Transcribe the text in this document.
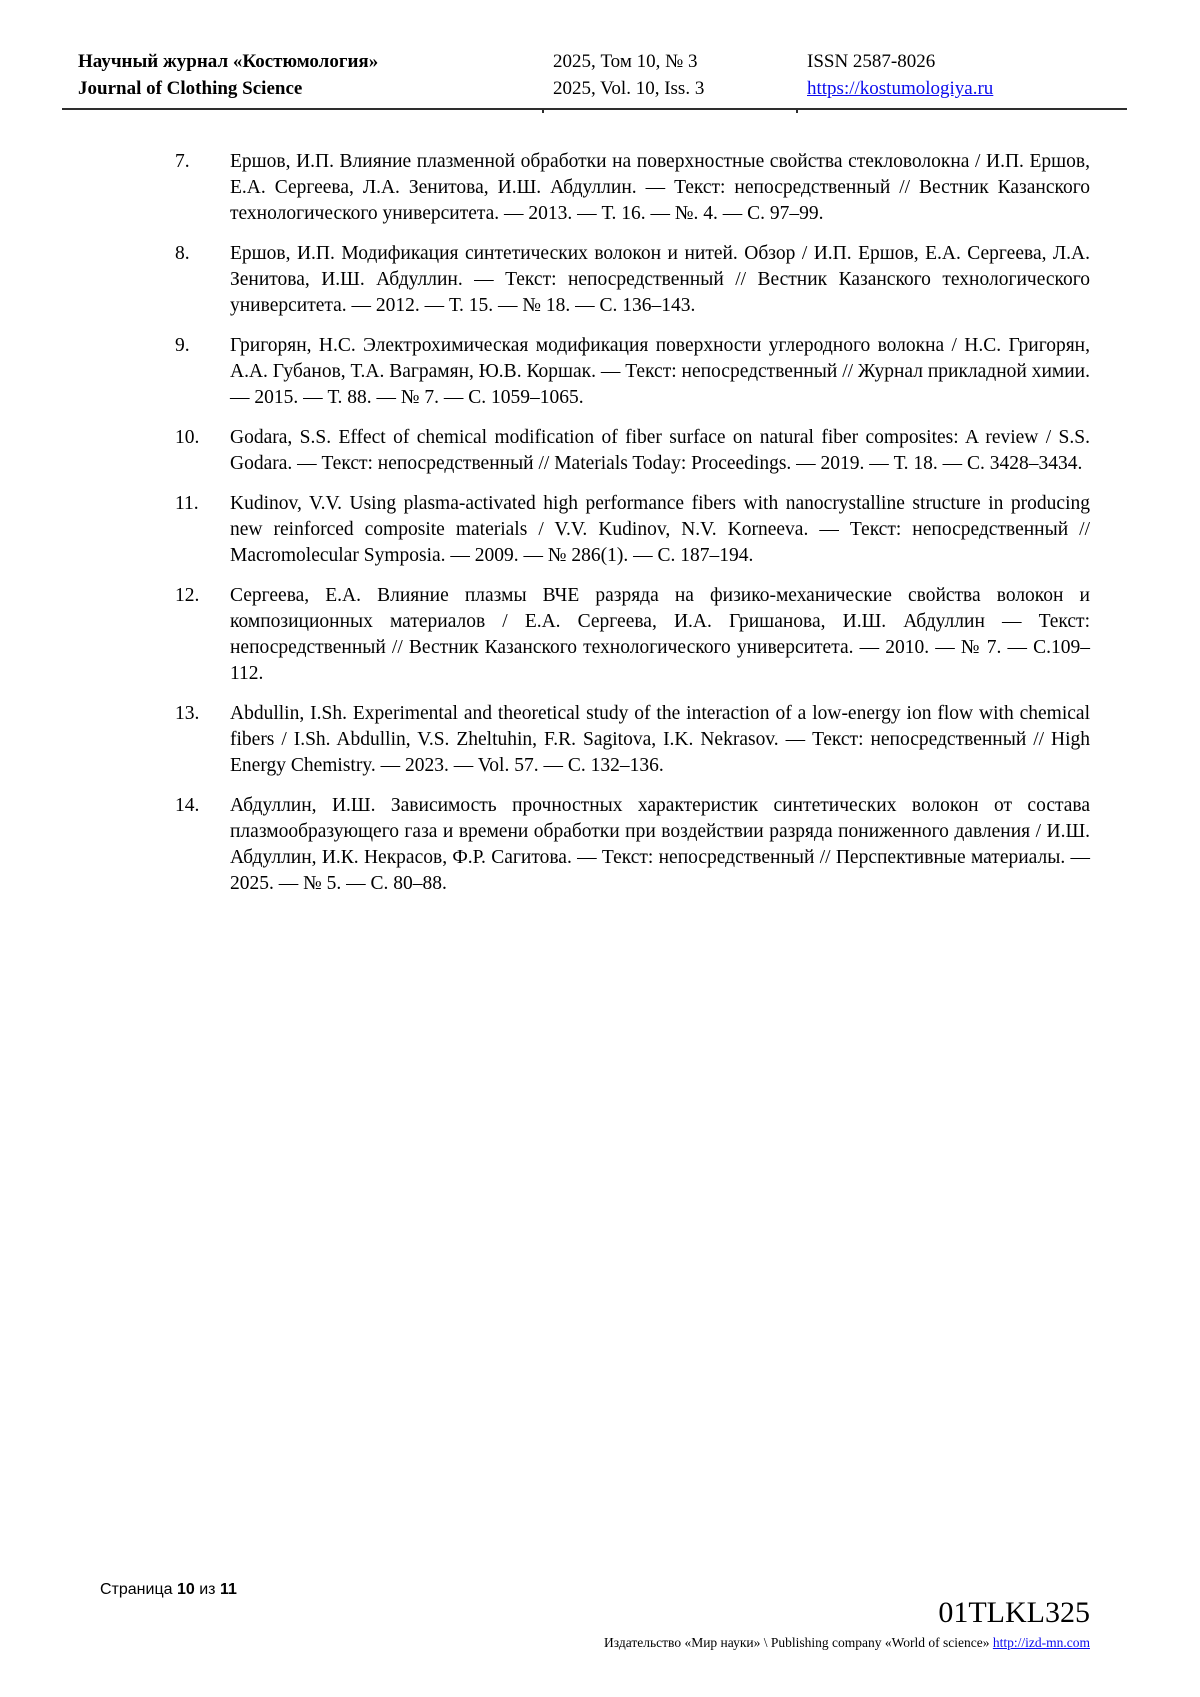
Научный журнал «Костюмология»
Journal of Clothing Science
2025, Том 10, № 3
2025, Vol. 10, Iss. 3
ISSN 2587-8026
https://kostumologiya.ru
7. Ершов, И.П. Влияние плазменной обработки на поверхностные свойства стекловолокна / И.П. Ершов, Е.А. Сергеева, Л.А. Зенитова, И.Ш. Абдуллин. — Текст: непосредственный // Вестник Казанского технологического университета. — 2013. — Т. 16. — №. 4. — С. 97–99.
8. Ершов, И.П. Модификация синтетических волокон и нитей. Обзор / И.П. Ершов, Е.А. Сергеева, Л.А. Зенитова, И.Ш. Абдуллин. — Текст: непосредственный // Вестник Казанского технологического университета. — 2012. — Т. 15. — № 18. — С. 136–143.
9. Григорян, Н.С. Электрохимическая модификация поверхности углеродного волокна / Н.С. Григорян, А.А. Губанов, Т.А. Ваграмян, Ю.В. Коршак. — Текст: непосредственный // Журнал прикладной химии. — 2015. — Т. 88. — № 7. — С. 1059–1065.
10. Godara, S.S. Effect of chemical modification of fiber surface on natural fiber composites: A review / S.S. Godara. — Текст: непосредственный // Materials Today: Proceedings. — 2019. — Т. 18. — С. 3428–3434.
11. Kudinov, V.V. Using plasma-activated high performance fibers with nanocrystalline structure in producing new reinforced composite materials / V.V. Kudinov, N.V. Korneeva. — Текст: непосредственный // Macromolecular Symposia. — 2009. — № 286(1). — С. 187–194.
12. Сергеева, Е.А. Влияние плазмы ВЧЕ разряда на физико-механические свойства волокон и композиционных материалов / Е.А. Сергеева, И.А. Гришанова, И.Ш. Абдуллин — Текст: непосредственный // Вестник Казанского технологического университета. — 2010. — № 7. — С.109–112.
13. Abdullin, I.Sh. Experimental and theoretical study of the interaction of a low-energy ion flow with chemical fibers / I.Sh. Abdullin, V.S. Zheltuhin, F.R. Sagitova, I.K. Nekrasov. — Текст: непосредственный // High Energy Chemistry. — 2023. — Vol. 57. — С. 132–136.
14. Абдуллин, И.Ш. Зависимость прочностных характеристик синтетических волокон от состава плазмообразующего газа и времени обработки при воздействии разряда пониженного давления / И.Ш. Абдуллин, И.К. Некрасов, Ф.Р. Сагитова. — Текст: непосредственный // Перспективные материалы. — 2025. — № 5. — С. 80–88.
Страница 10 из 11
01TLKL325
Издательство «Мир науки» \ Publishing company «World of science» http://izd-mn.com
